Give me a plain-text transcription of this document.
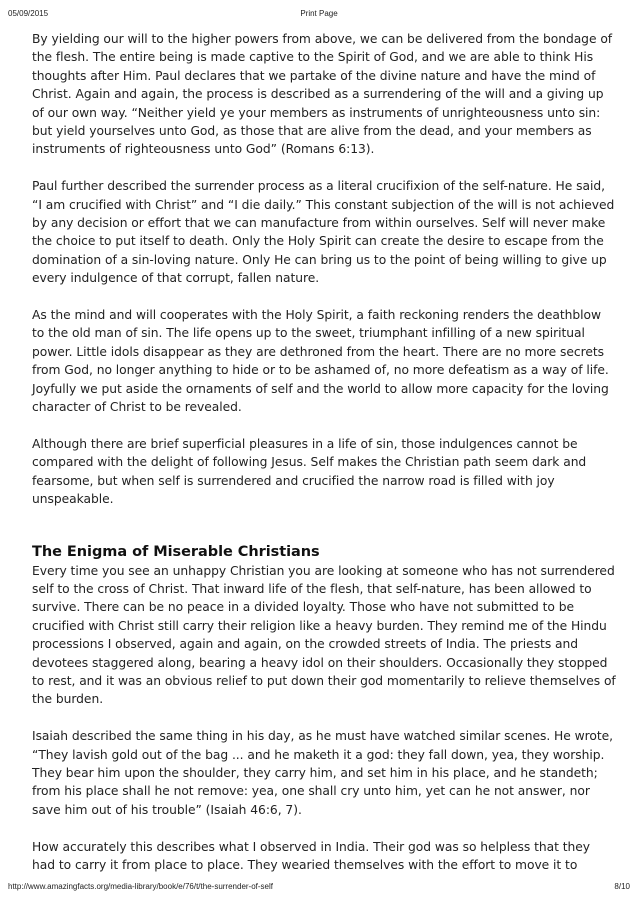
05/09/2015	Print Page

By yielding our will to the higher powers from above, we can be delivered from the bondage of the flesh. The entire being is made captive to the Spirit of God, and we are able to think His thoughts after Him. Paul declares that we partake of the divine nature and have the mind of Christ. Again and again, the process is described as a surrendering of the will and a giving up of our own way. “Neither yield ye your members as instruments of unrighteousness unto sin: but yield yourselves unto God, as those that are alive from the dead, and your members as instruments of righteousness unto God” (Romans 6:13).

Paul further described the surrender process as a literal crucifixion of the self-nature. He said, “I am crucified with Christ” and “I die daily.” This constant subjection of the will is not achieved by any decision or effort that we can manufacture from within ourselves. Self will never make the choice to put itself to death. Only the Holy Spirit can create the desire to escape from the domination of a sin-loving nature. Only He can bring us to the point of being willing to give up every indulgence of that corrupt, fallen nature.

As the mind and will cooperates with the Holy Spirit, a faith reckoning renders the deathblow to the old man of sin. The life opens up to the sweet, triumphant infilling of a new spiritual power. Little idols disappear as they are dethroned from the heart. There are no more secrets from God, no longer anything to hide or to be ashamed of, no more defeatism as a way of life. Joyfully we put aside the ornaments of self and the world to allow more capacity for the loving character of Christ to be revealed.

Although there are brief superficial pleasures in a life of sin, those indulgences cannot be compared with the delight of following Jesus. Self makes the Christian path seem dark and fearsome, but when self is surrendered and crucified the narrow road is filled with joy unspeakable.

The Enigma of Miserable Christians

Every time you see an unhappy Christian you are looking at someone who has not surrendered self to the cross of Christ. That inward life of the flesh, that self-nature, has been allowed to survive. There can be no peace in a divided loyalty. Those who have not submitted to be crucified with Christ still carry their religion like a heavy burden. They remind me of the Hindu processions I observed, again and again, on the crowded streets of India. The priests and devotees staggered along, bearing a heavy idol on their shoulders. Occasionally they stopped to rest, and it was an obvious relief to put down their god momentarily to relieve themselves of the burden.

Isaiah described the same thing in his day, as he must have watched similar scenes. He wrote, “They lavish gold out of the bag ... and he maketh it a god: they fall down, yea, they worship. They bear him upon the shoulder, they carry him, and set him in his place, and he standeth; from his place shall he not remove: yea, one shall cry unto him, yet can he not answer, nor save him out of his trouble” (Isaiah 46:6, 7).

How accurately this describes what I observed in India. Their god was so helpless that they had to carry it from place to place. They wearied themselves with the effort to move it to

http://www.amazingfacts.org/media-library/book/e/76/t/the-surrender-of-self	8/10
